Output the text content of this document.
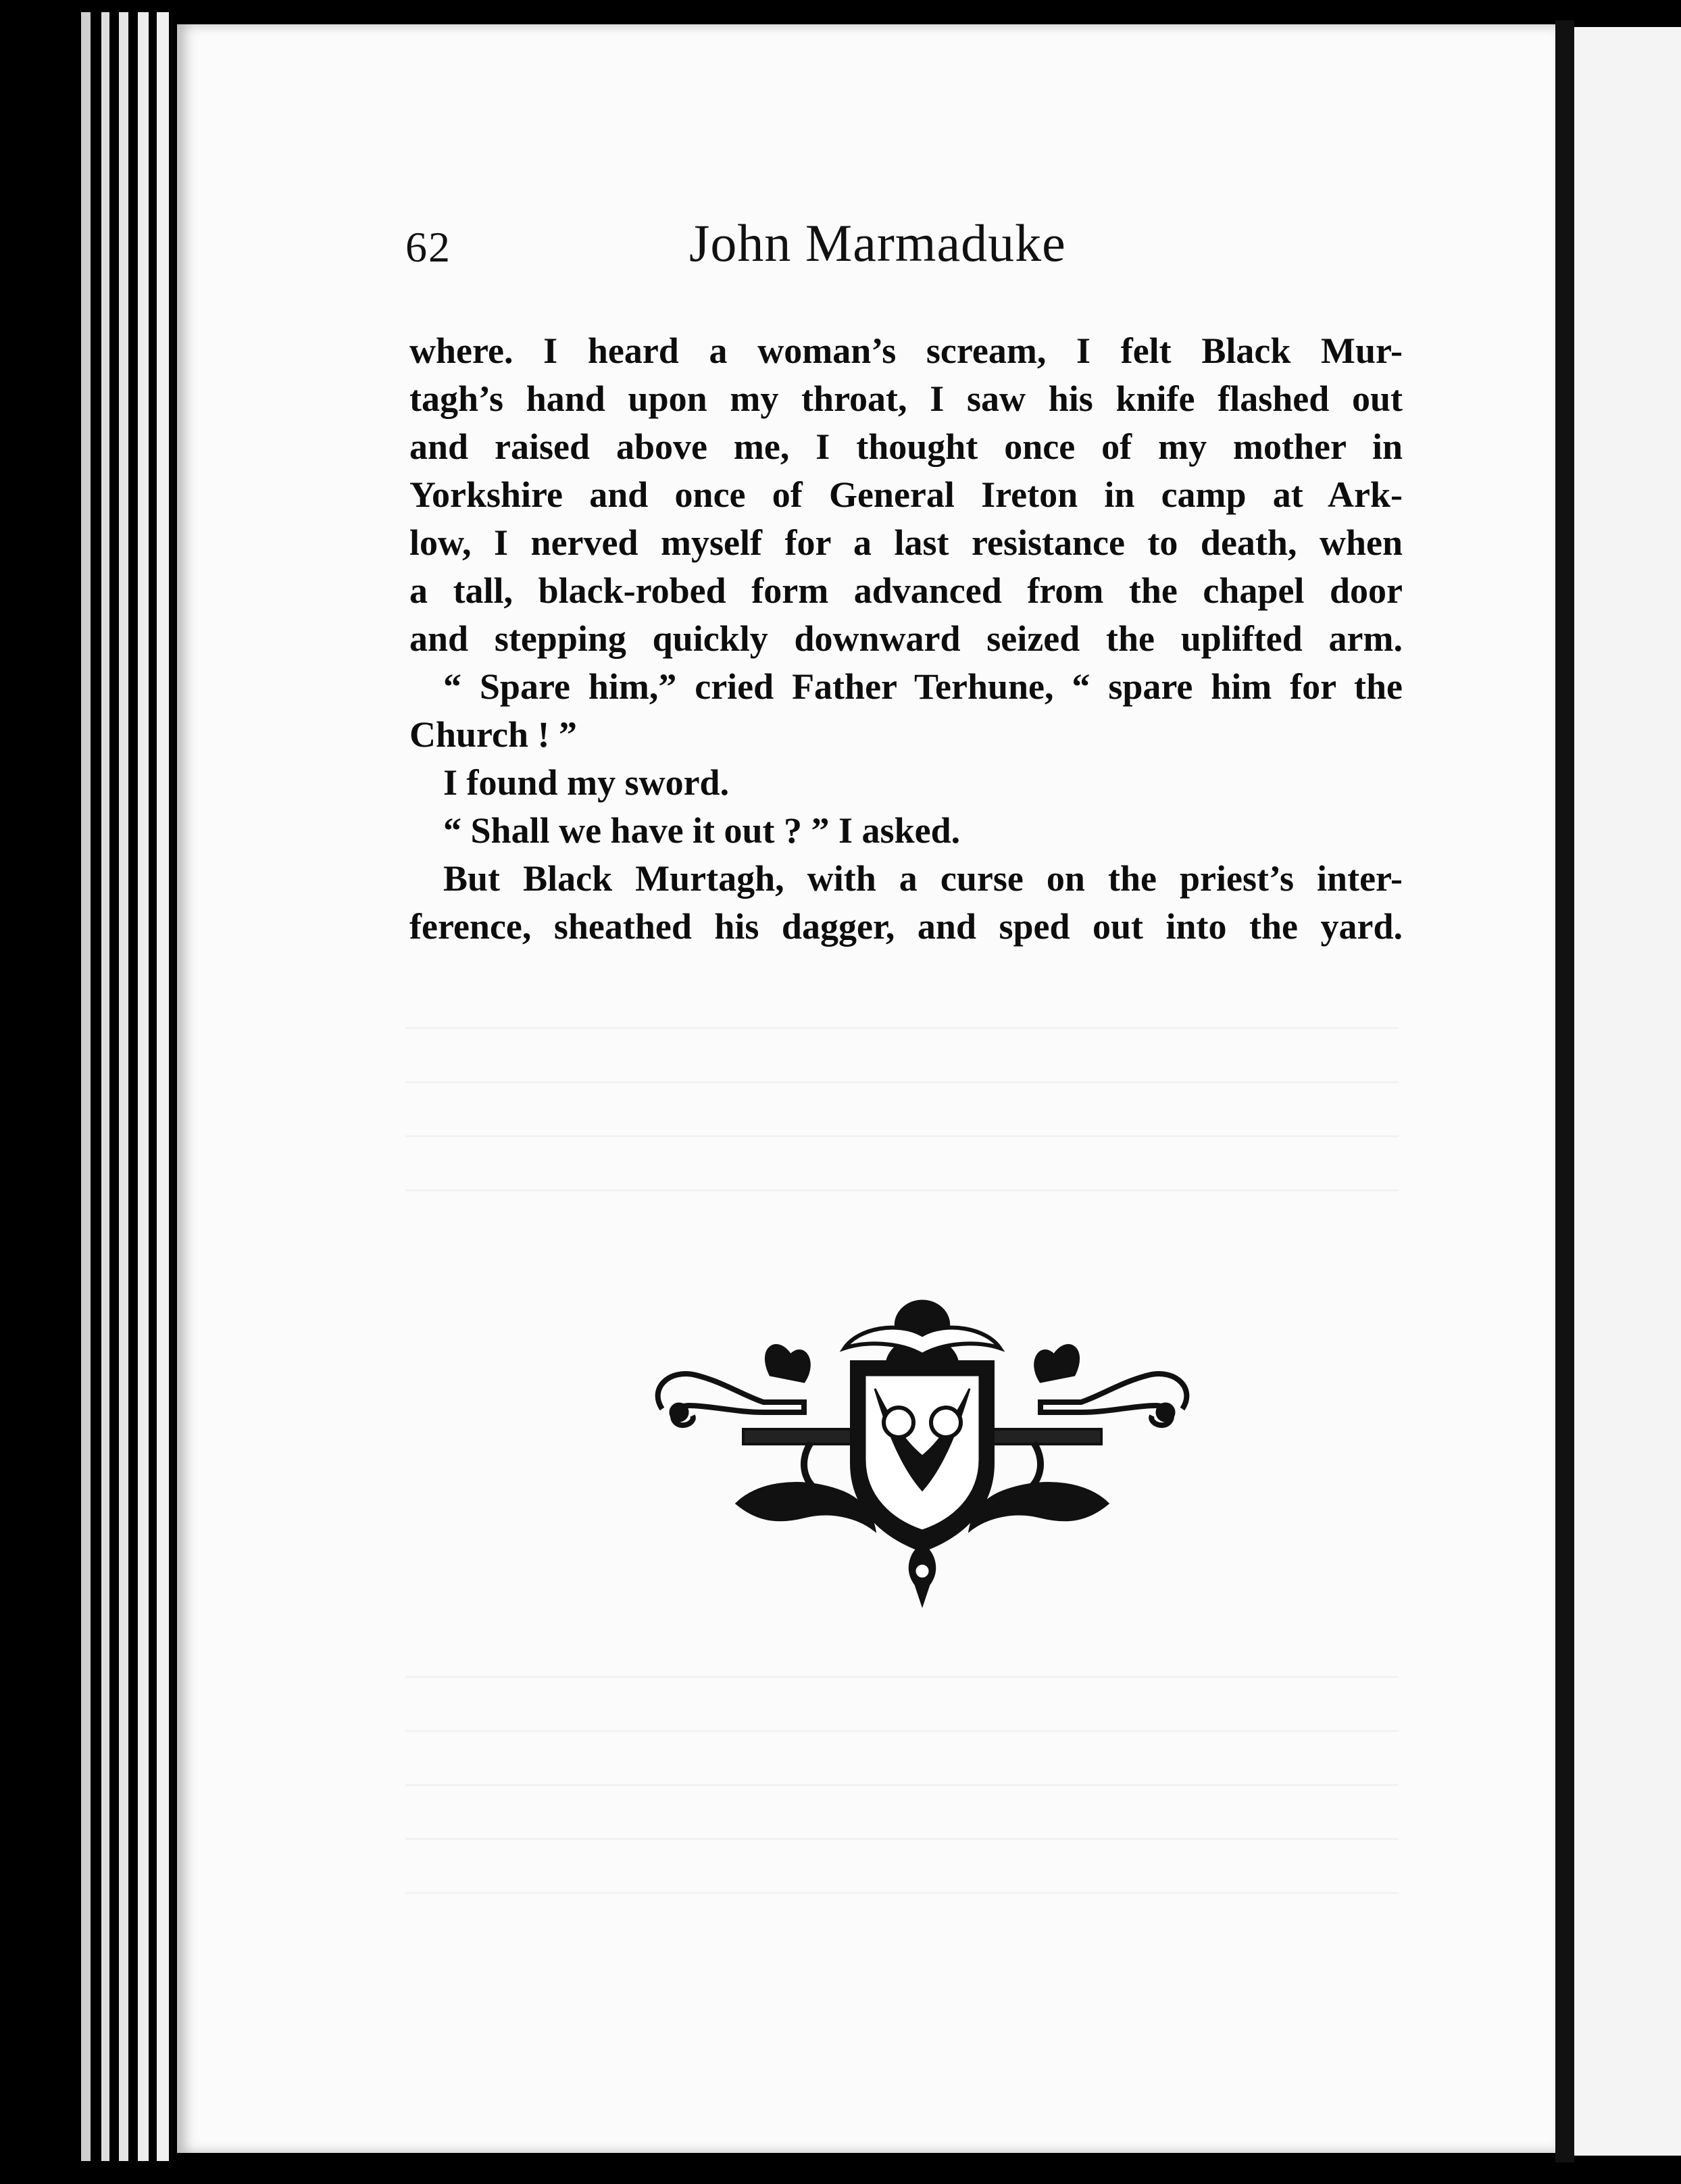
62	John Marmaduke
where. I heard a woman’s scream, I felt Black Mur-
tagh’s hand upon my throat, I saw his knife flashed out
and raised above me, I thought once of my mother in
Yorkshire and once of General Ireton in camp at Ark-
low, I nerved myself for a last resistance to death, when
a tall, black-robed form advanced from the chapel door
and stepping quickly downward seized the uplifted arm.
“ Spare him,” cried Father Terhune, “ spare him for the
Church ! ”
I found my sword.
“ Shall we have it out ? ” I asked.
But Black Murtagh, with a curse on the priest’s inter-
ference, sheathed his dagger, and sped out into the yard.
